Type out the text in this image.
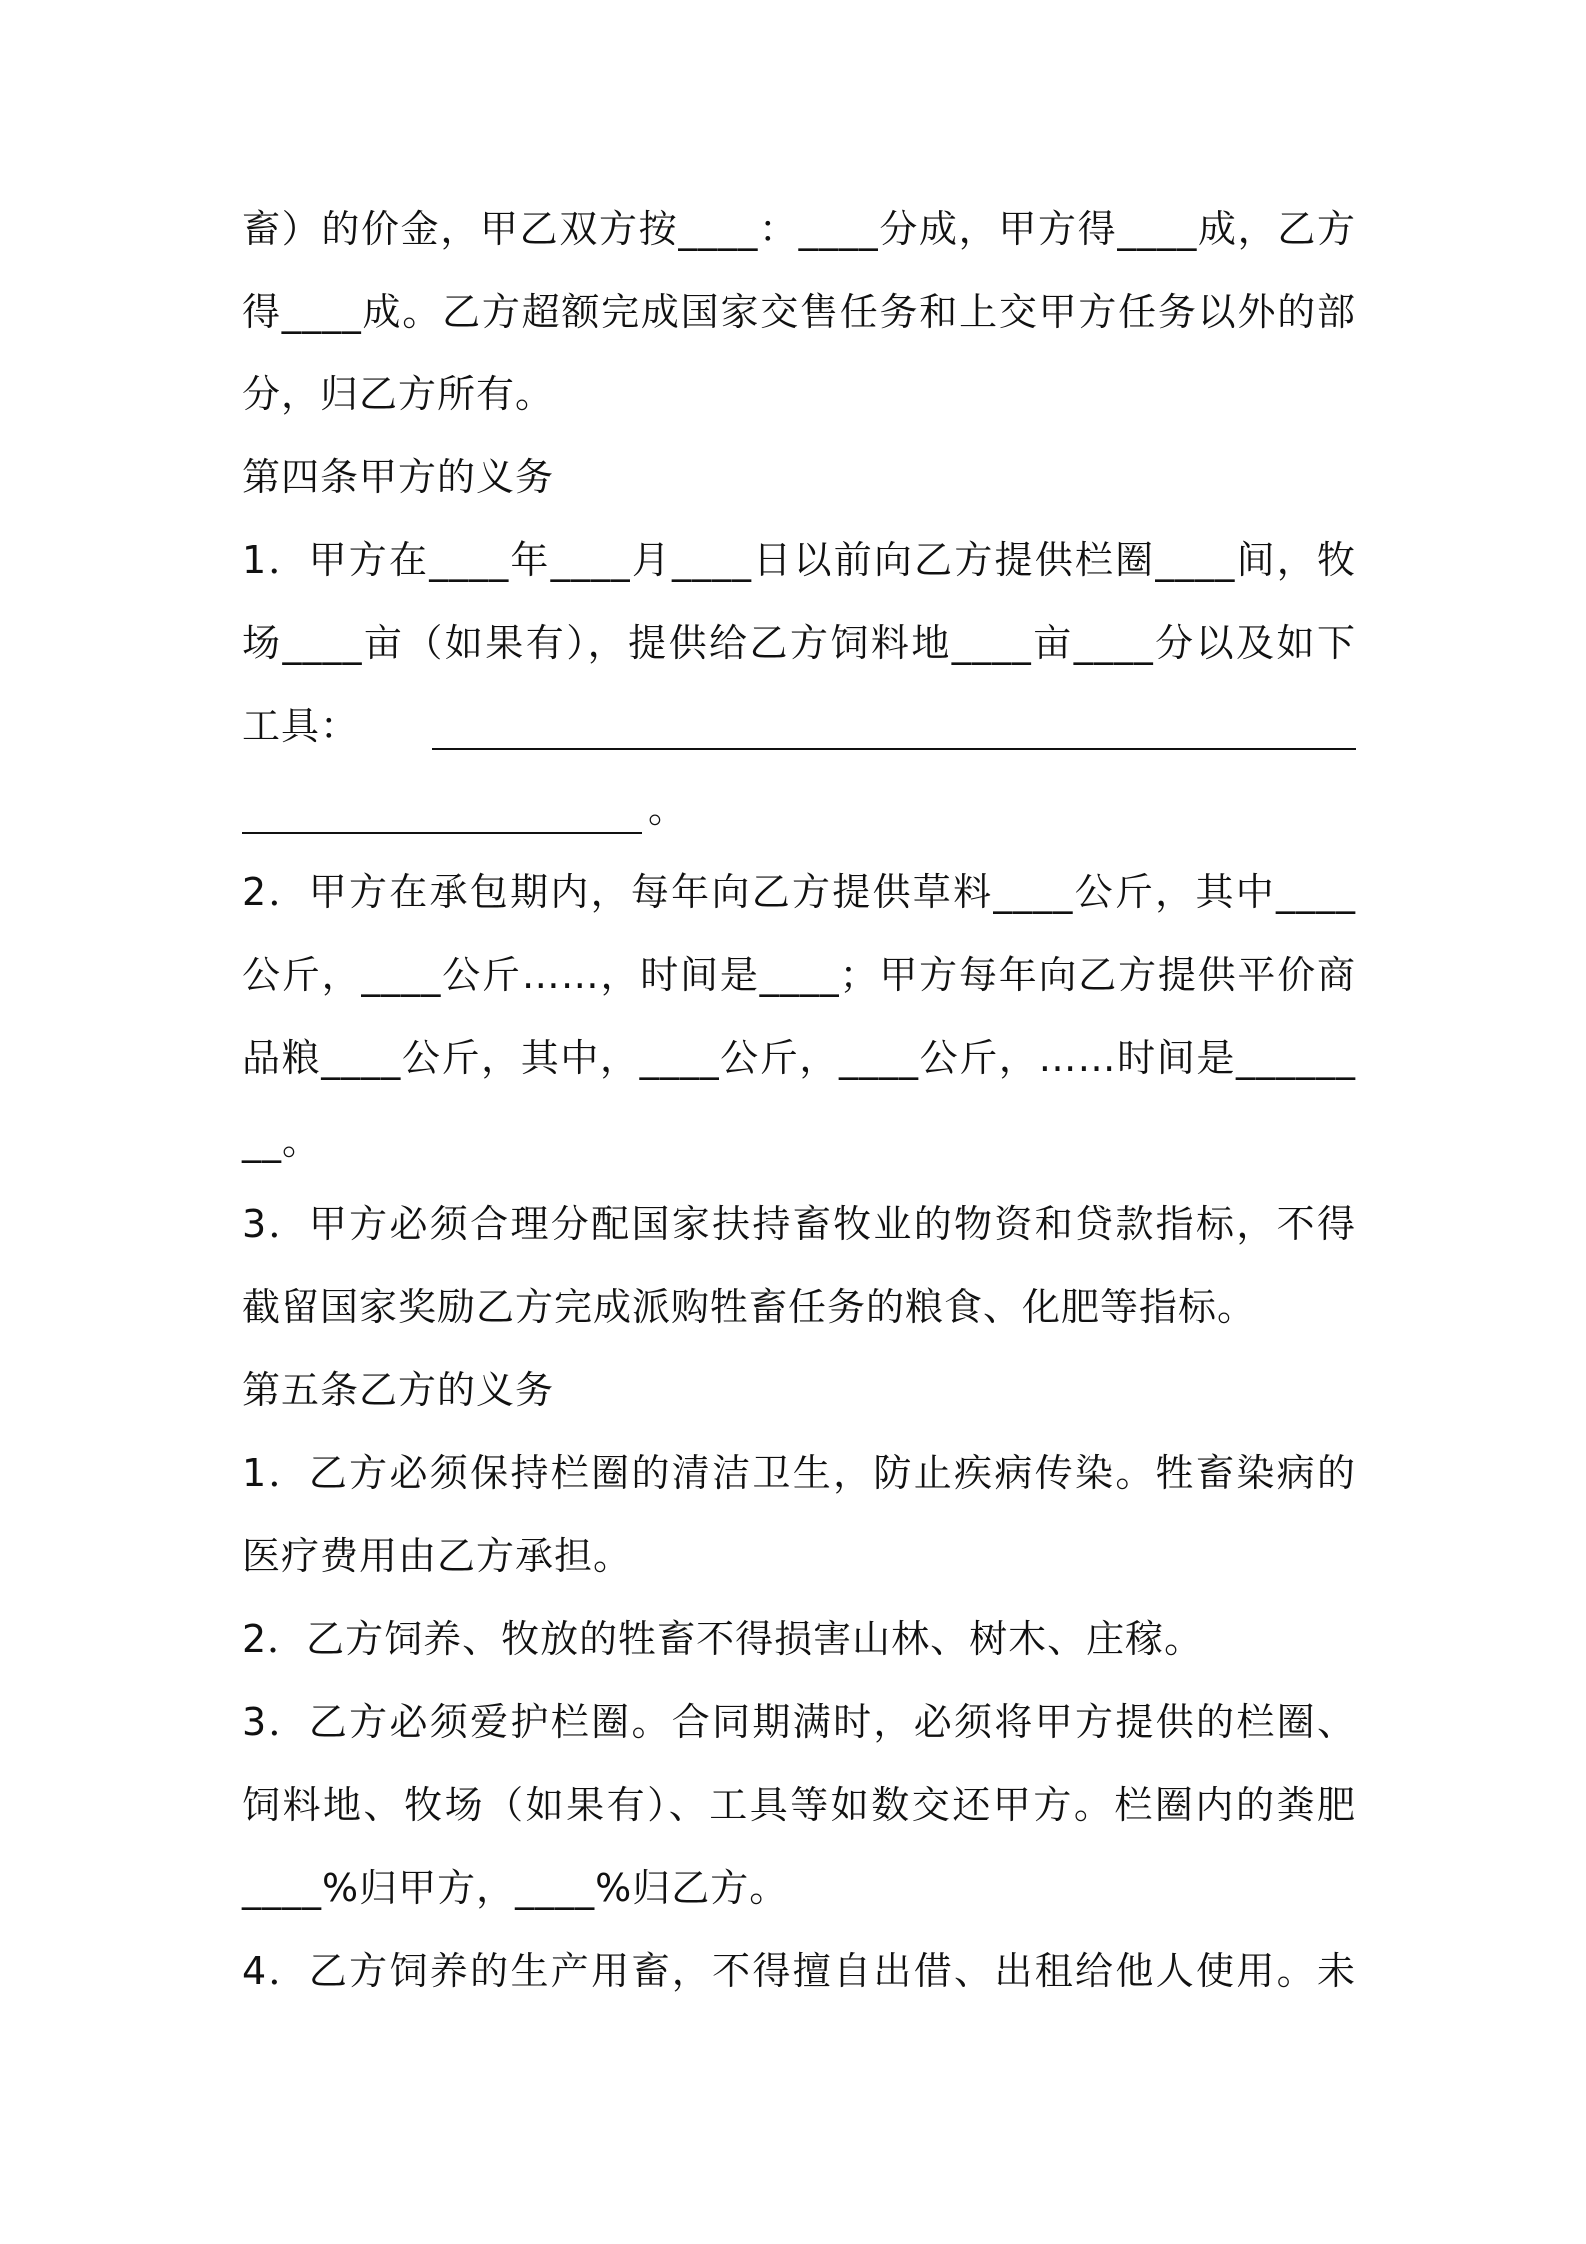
畜）的价金，甲乙双方按____：____分成，甲方得____成，乙方
得____成。乙方超额完成国家交售任务和上交甲方任务以外的部
分，归乙方所有。
第四条甲方的义务
1．甲方在____年____月____日以前向乙方提供栏圈____间，牧
场____亩（如果有），提供给乙方饲料地____亩____分以及如下
工具：
。
2．甲方在承包期内，每年向乙方提供草料____公斤，其中____
公斤，____公斤……，时间是____；甲方每年向乙方提供平价商
品粮____公斤，其中，____公斤，____公斤，……时间是______
__。
3．甲方必须合理分配国家扶持畜牧业的物资和贷款指标，不得
截留国家奖励乙方完成派购牲畜任务的粮食、化肥等指标。
第五条乙方的义务
1．乙方必须保持栏圈的清洁卫生，防止疾病传染。牲畜染病的
医疗费用由乙方承担。
2．乙方饲养、牧放的牲畜不得损害山林、树木、庄稼。
3．乙方必须爱护栏圈。合同期满时，必须将甲方提供的栏圈、
饲料地、牧场（如果有）、工具等如数交还甲方。栏圈内的粪肥
____%归甲方，____%归乙方。
4．乙方饲养的生产用畜，不得擅自出借、出租给他人使用。未
